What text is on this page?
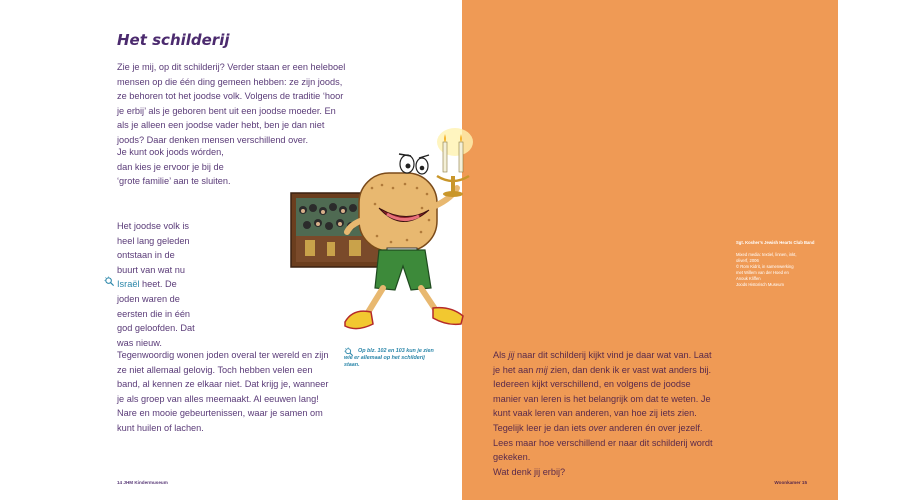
Het schilderij

Zie je mij, op dit schilderij? Verder staan er een heleboel mensen op die één ding gemeen hebben: ze zijn joods, ze behoren tot het joodse volk. Volgens de traditie ‘hoor je erbij’ als je geboren bent uit een joodse moeder. En als je alleen een joodse vader hebt, ben je dan niet joods? Daar denken mensen verschillend over.

Je kunt ook joods wórden, dan kies je ervoor je bij de ‘grote familie’ aan te sluiten.

Het joodse volk is heel lang geleden ontstaan in de buurt van wat nu Israël heet. De joden waren de eersten die in één god geloofden. Dat was nieuw.

Tegenwoordig wonen joden overal ter wereld en zijn ze niet allemaal gelovig. Toch hebben velen een band, al kennen ze elkaar niet. Dat krijg je, wanneer je als groep van alles meemaakt. Al eeuwen lang! Nare en mooie gebeurtenissen, waar je samen om kunt huilen of lachen.

Op blz. 102 en 103 kun je zien wie er allemaal op het schilderij staan.

Sgt. Kosher’s Jewish Hearts Club Band
Mixed media: textiel, linnen, inkt,
oliverf, 2006
© Rom Kidrit, in samenwerking
met Willem van der Hoed en
Anouk Kliffen
Joods Historisch Museum

Als jij naar dit schilderij kijkt vind je daar wat van. Laat je het aan mij zien, dan denk ik er vast wat anders bij. Iedereen kijkt verschillend, en volgens de joodse manier van leren is het belangrijk om dat te weten. Je kunt vaak leren van anderen, van hoe zij iets zien. Tegelijk leer je dan iets over anderen én over jezelf. Lees maar hoe verschillend er naar dit schilderij wordt gekeken.
Wat denk jij erbij?

14 JHM Kindermuseum	Woonkamer 15
